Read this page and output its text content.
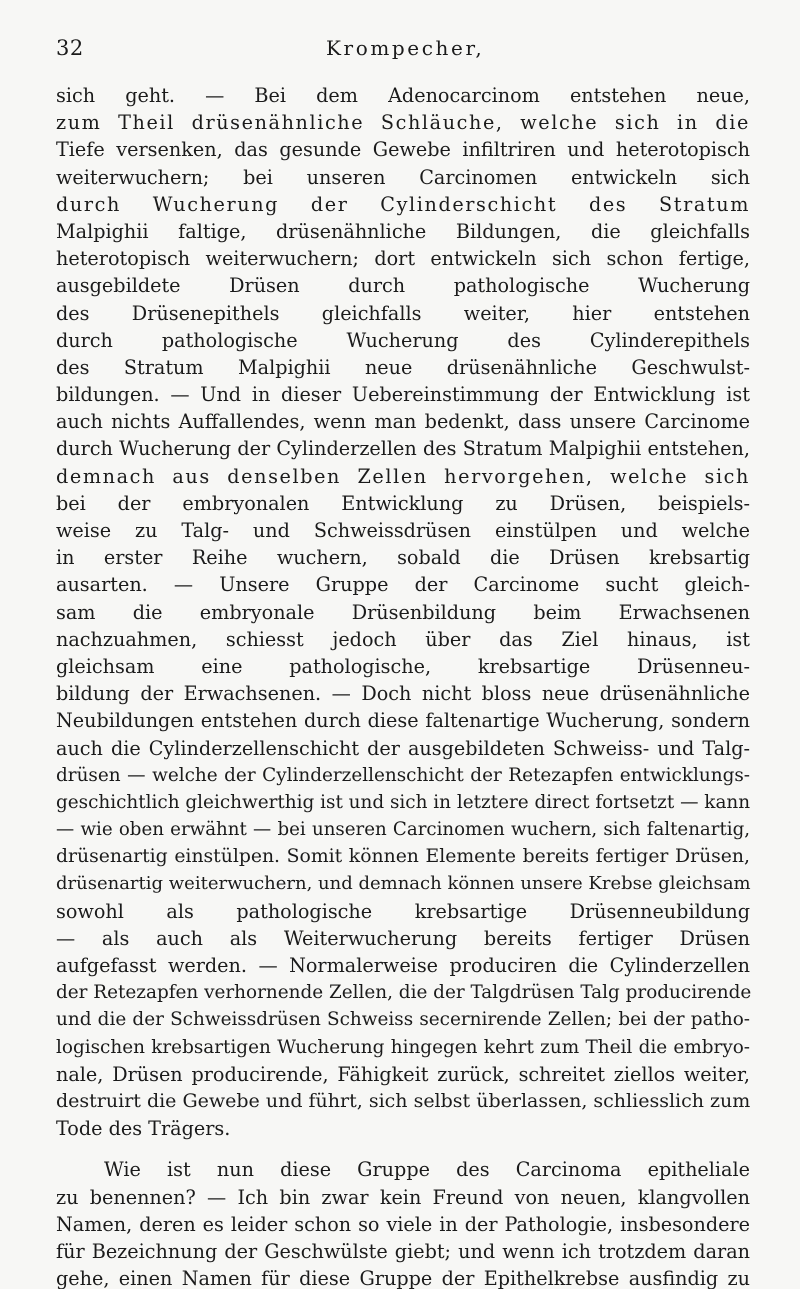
32	Krompecher,
sich geht. — Bei dem Adenocarcinom entstehen neue,
zum Theil drüsenähnliche Schläuche, welche sich in die
Tiefe versenken, das gesunde Gewebe infiltriren und heterotopisch
weiterwuchern; bei unseren Carcinomen entwickeln sich
durch Wucherung der Cylinderschicht des Stratum
Malpighii faltige, drüsenähnliche Bildungen, die gleichfalls
heterotopisch weiterwuchern; dort entwickeln sich schon fertige,
ausgebildete Drüsen durch pathologische Wucherung
des Drüsenepithels gleichfalls weiter, hier entstehen
durch pathologische Wucherung des Cylinderepithels
des Stratum Malpighii neue drüsenähnliche Geschwulst-
bildungen. — Und in dieser Uebereinstimmung der Entwicklung ist
auch nichts Auffallendes, wenn man bedenkt, dass unsere Carcinome
durch Wucherung der Cylinderzellen des Stratum Malpighii entstehen,
demnach aus denselben Zellen hervorgehen, welche sich
bei der embryonalen Entwicklung zu Drüsen, beispiels-
weise zu Talg- und Schweissdrüsen einstülpen und welche
in erster Reihe wuchern, sobald die Drüsen krebsartig
ausarten. — Unsere Gruppe der Carcinome sucht gleich-
sam die embryonale Drüsenbildung beim Erwachsenen
nachzuahmen, schiesst jedoch über das Ziel hinaus, ist
gleichsam eine pathologische, krebsartige Drüsenneu-
bildung der Erwachsenen. — Doch nicht bloss neue drüsenähnliche
Neubildungen entstehen durch diese faltenartige Wucherung, sondern
auch die Cylinderzellenschicht der ausgebildeten Schweiss- und Talg-
drüsen — welche der Cylinderzellenschicht der Retezapfen entwicklungs-
geschichtlich gleichwerthig ist und sich in letztere direct fortsetzt — kann
— wie oben erwähnt — bei unseren Carcinomen wuchern, sich faltenartig,
drüsenartig einstülpen. Somit können Elemente bereits fertiger Drüsen,
drüsenartig weiterwuchern, und demnach können unsere Krebse gleichsam
sowohl als pathologische krebsartige Drüsenneubildung
— als auch als Weiterwucherung bereits fertiger Drüsen
aufgefasst werden. — Normalerweise produciren die Cylinderzellen
der Retezapfen verhornende Zellen, die der Talgdrüsen Talg producirende
und die der Schweissdrüsen Schweiss secernirende Zellen; bei der patho-
logischen krebsartigen Wucherung hingegen kehrt zum Theil die embryo-
nale, Drüsen producirende, Fähigkeit zurück, schreitet ziellos weiter,
destruirt die Gewebe und führt, sich selbst überlassen, schliesslich zum
Tode des Trägers.
Wie ist nun diese Gruppe des Carcinoma epitheliale
zu benennen? — Ich bin zwar kein Freund von neuen, klangvollen
Namen, deren es leider schon so viele in der Pathologie, insbesondere
für Bezeichnung der Geschwülste giebt; und wenn ich trotzdem daran
gehe, einen Namen für diese Gruppe der Epithelkrebse ausfindig zu
